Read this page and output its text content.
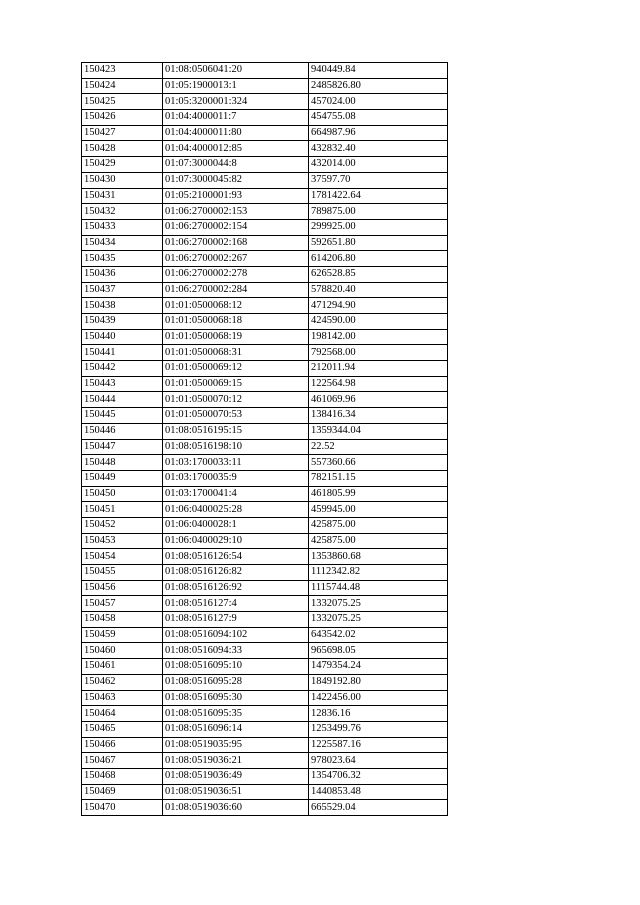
150423	01:08:0506041:20	940449.84
150424	01:05:1900013:1	2485826.80
150425	01:05:3200001:324	457024.00
150426	01:04:4000011:7	454755.08
150427	01:04:4000011:80	664987.96
150428	01:04:4000012:85	432832.40
150429	01:07:3000044:8	432014.00
150430	01:07:3000045:82	37597.70
150431	01:05:2100001:93	1781422.64
150432	01:06:2700002:153	789875.00
150433	01:06:2700002:154	299925.00
150434	01:06:2700002:168	592651.80
150435	01:06:2700002:267	614206.80
150436	01:06:2700002:278	626528.85
150437	01:06:2700002:284	578820.40
150438	01:01:0500068:12	471294.90
150439	01:01:0500068:18	424590.00
150440	01:01:0500068:19	198142.00
150441	01:01:0500068:31	792568.00
150442	01:01:0500069:12	212011.94
150443	01:01:0500069:15	122564.98
150444	01:01:0500070:12	461069.96
150445	01:01:0500070:53	138416.34
150446	01:08:0516195:15	1359344.04
150447	01:08:0516198:10	22.52
150448	01:03:1700033:11	557360.66
150449	01:03:1700035:9	782151.15
150450	01:03:1700041:4	461805.99
150451	01:06:0400025:28	459945.00
150452	01:06:0400028:1	425875.00
150453	01:06:0400029:10	425875.00
150454	01:08:0516126:54	1353860.68
150455	01:08:0516126:82	1112342.82
150456	01:08:0516126:92	1115744.48
150457	01:08:0516127:4	1332075.25
150458	01:08:0516127:9	1332075.25
150459	01:08:0516094:102	643542.02
150460	01:08:0516094:33	965698.05
150461	01:08:0516095:10	1479354.24
150462	01:08:0516095:28	1849192.80
150463	01:08:0516095:30	1422456.00
150464	01:08:0516095:35	12836.16
150465	01:08:0516096:14	1253499.76
150466	01:08:0519035:95	1225587.16
150467	01:08:0519036:21	978023.64
150468	01:08:0519036:49	1354706.32
150469	01:08:0519036:51	1440853.48
150470	01:08:0519036:60	665529.04
